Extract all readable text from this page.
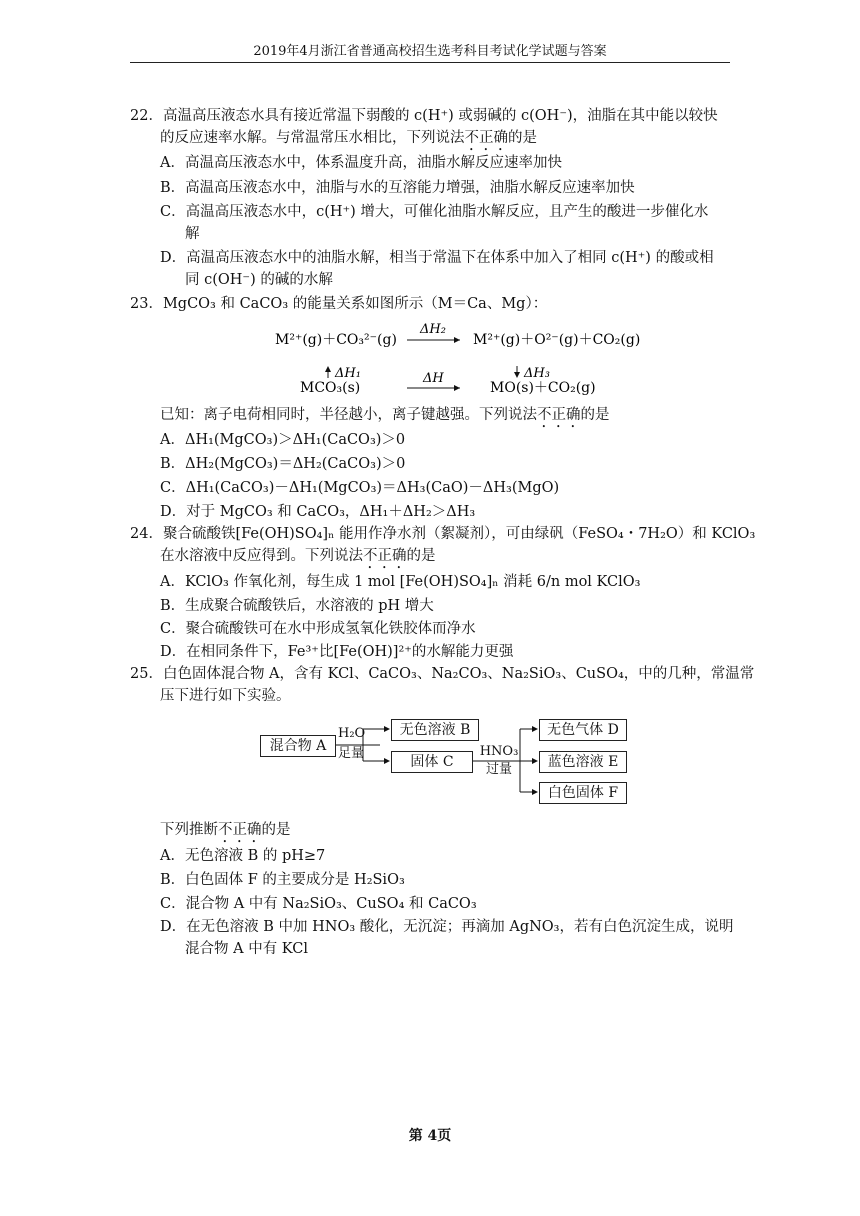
2019年4月浙江省普通高校招生选考科目考试化学试题与答案
22．高温高压液态水具有接近常温下弱酸的 c(H⁺) 或弱碱的 c(OH⁻)，油脂在其中能以较快
的反应速率水解。与常温常压水相比，下列说法不正确的是
A．高温高压液态水中，体系温度升高，油脂水解反应速率加快
B．高温高压液态水中，油脂与水的互溶能力增强，油脂水解反应速率加快
C．高温高压液态水中，c(H⁺) 增大，可催化油脂水解反应，且产生的酸进一步催化水
解
D．高温高压液态水中的油脂水解，相当于常温下在体系中加入了相同 c(H⁺) 的酸或相
同 c(OH⁻) 的碱的水解
23．MgCO₃ 和 CaCO₃ 的能量关系如图所示（M＝Ca、Mg）：
M²⁺(g)＋CO₃²⁻(g)	M²⁺(g)＋O²⁻(g)＋CO₂(g)
ΔH₂
MCO₃(s)	MO(s)＋CO₂(g)
ΔH
ΔH₁	ΔH₃
已知：离子电荷相同时，半径越小，离子键越强。下列说法不正确的是
A．ΔH₁(MgCO₃)＞ΔH₁(CaCO₃)＞0
B．ΔH₂(MgCO₃)＝ΔH₂(CaCO₃)＞0
C．ΔH₁(CaCO₃)－ΔH₁(MgCO₃)＝ΔH₃(CaO)－ΔH₃(MgO)
D．对于 MgCO₃ 和 CaCO₃，ΔH₁＋ΔH₂＞ΔH₃
24．聚合硫酸铁[Fe(OH)SO₄]ₙ 能用作净水剂（絮凝剂），可由绿矾（FeSO₄・7H₂O）和 KClO₃
在水溶液中反应得到。下列说法不正确的是
A．KClO₃ 作氧化剂，每生成 1 mol [Fe(OH)SO₄]ₙ 消耗 6/n mol KClO₃
B．生成聚合硫酸铁后，水溶液的 pH 增大
C．聚合硫酸铁可在水中形成氢氧化铁胶体而净水
D．在相同条件下，Fe³⁺比[Fe(OH)]²⁺的水解能力更强
25．白色固体混合物 A，含有 KCl、CaCO₃、Na₂CO₃、Na₂SiO₃、CuSO₄，中的几种，常温常
压下进行如下实验。
混合物 A
H₂O
足量
无色溶液 B
固体 C
HNO₃
过量
无色气体 D
蓝色溶液 E
白色固体 F
下列推断不正确的是
A．无色溶液 B 的 pH≥7
B．白色固体 F 的主要成分是 H₂SiO₃
C．混合物 A 中有 Na₂SiO₃、CuSO₄ 和 CaCO₃
D．在无色溶液 B 中加 HNO₃ 酸化，无沉淀；再滴加 AgNO₃，若有白色沉淀生成，说明
混合物 A 中有 KCl
第 4页
